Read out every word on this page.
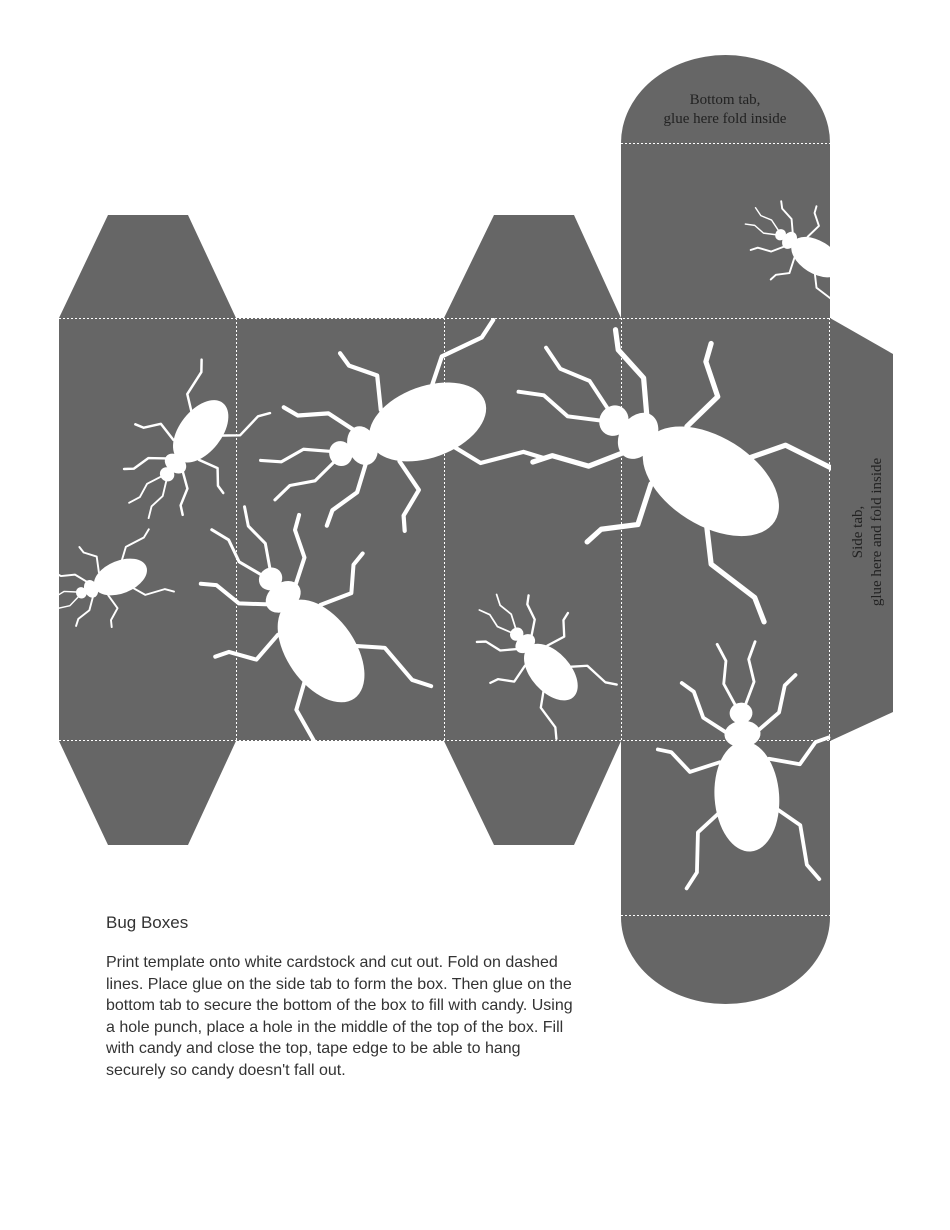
Bottom tab,
glue here fold inside
Side tab, glue here and fold inside
Bug Boxes

Print template onto white cardstock and cut out. Fold on dashed lines. Place glue on the side tab to form the box. Then glue on the bottom tab to secure the bottom of the box to fill with candy. Using a hole punch, place a hole in the middle of the top of the box. Fill with candy and close the top, tape edge to be able to hang securely so candy doesn't fall out.
